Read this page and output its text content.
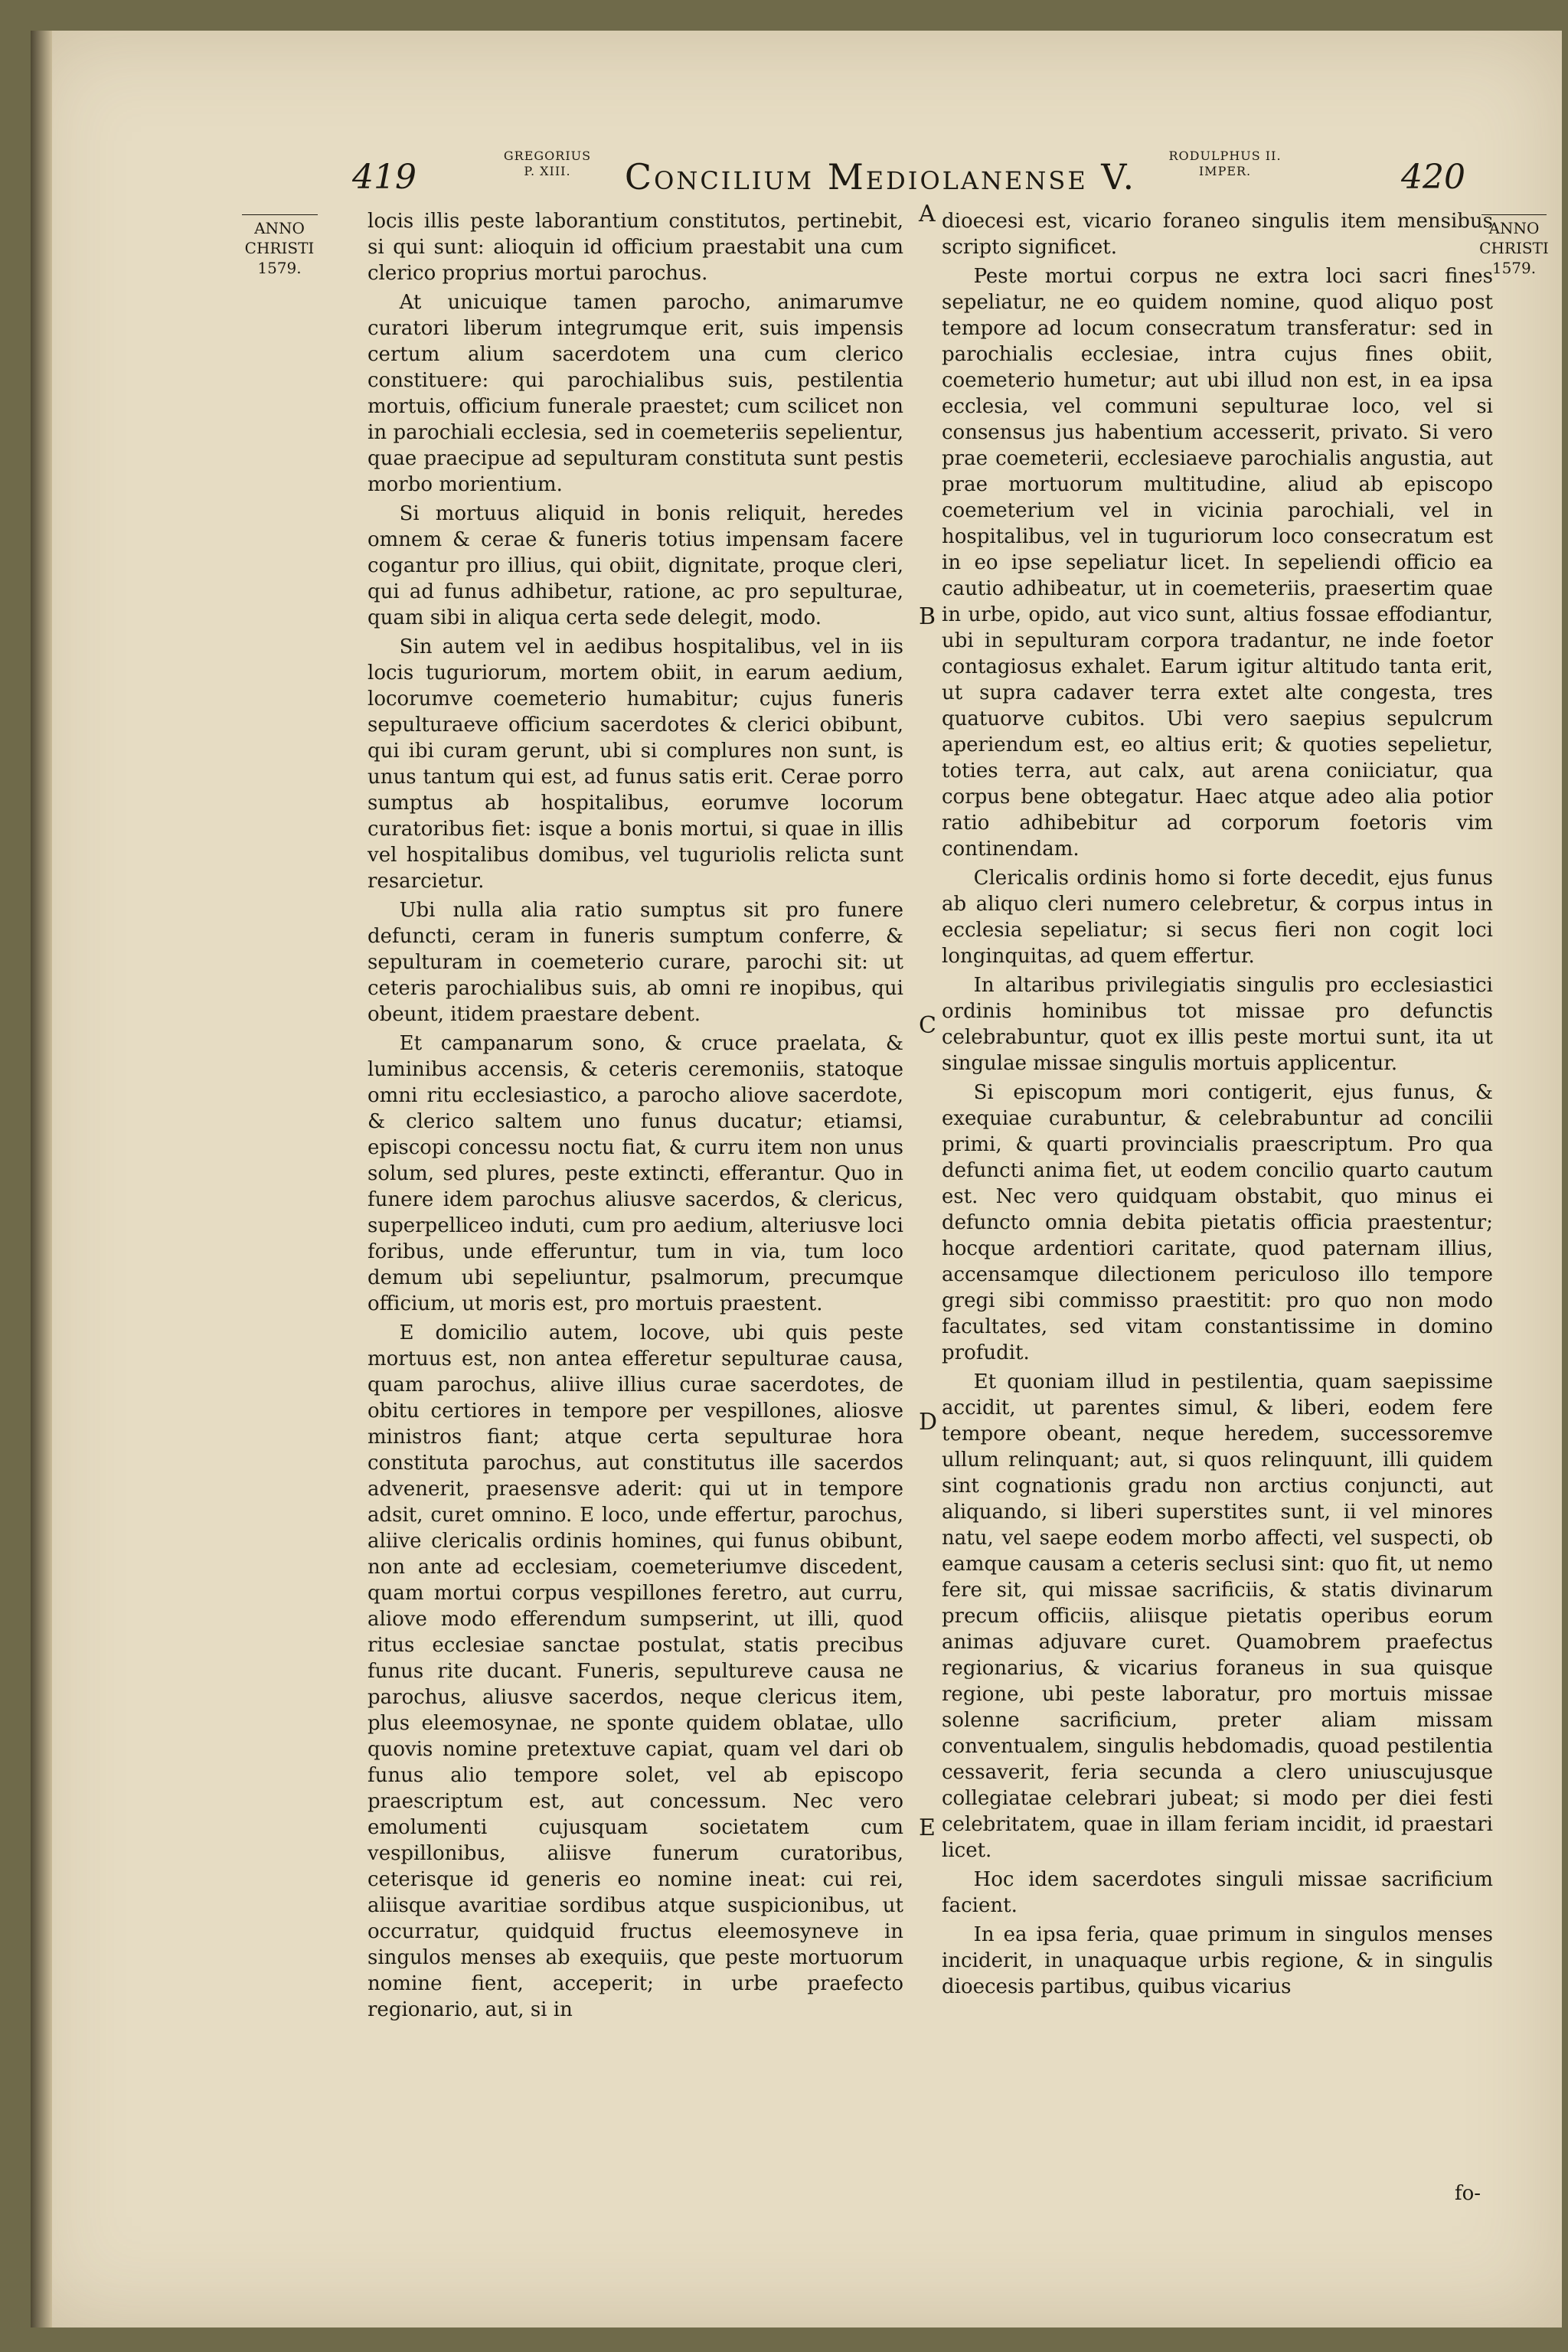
419
GREGORIUS
P. XIII.	Concilium Mediolanense V.
RODULPHUS II.
IMPER.	420
ANNO
CHRISTI
1579.
ANNO
CHRISTI
1579.

locis illis peste laborantium constitutos, pertinebit, si qui sunt: alioquin id officium praestabit una cum clerico proprius mortui parochus.

At unicuique tamen parocho, animarumve curatori liberum integrumque erit, suis impensis certum alium sacerdotem una cum clerico constituere: qui parochialibus suis, pestilentia mortuis, officium funerale praestet; cum scilicet non in parochiali ecclesia, sed in coemeteriis sepelientur, quae praecipue ad sepulturam constituta sunt pestis morbo morientium.

Si mortuus aliquid in bonis reliquit, heredes omnem & cerae & funeris totius impensam facere cogantur pro illius, qui obiit, dignitate, proque cleri, qui ad funus adhibetur, ratione, ac pro sepulturae, quam sibi in aliqua certa sede delegit, modo.

Sin autem vel in aedibus hospitalibus, vel in iis locis tuguriorum, mortem obiit, in earum aedium, locorumve coemeterio humabitur; cujus funeris sepulturaeve officium sacerdotes & clerici obibunt, qui ibi curam gerunt, ubi si complures non sunt, is unus tantum qui est, ad funus satis erit. Cerae porro sumptus ab hospitalibus, eorumve locorum curatoribus fiet: isque a bonis mortui, si quae in illis vel hospitalibus domibus, vel tuguriolis relicta sunt resarcietur.

Ubi nulla alia ratio sumptus sit pro funere defuncti, ceram in funeris sumptum conferre, & sepulturam in coemeterio curare, parochi sit: ut ceteris parochialibus suis, ab omni re inopibus, qui obeunt, itidem praestare debent.

Et campanarum sono, & cruce praelata, & luminibus accensis, & ceteris ceremoniis, statoque omni ritu ecclesiastico, a parocho aliove sacerdote, & clerico saltem uno funus ducatur; etiamsi, episcopi concessu noctu fiat, & curru item non unus solum, sed plures, peste extincti, efferantur. Quo in funere idem parochus aliusve sacerdos, & clericus, superpelliceo induti, cum pro aedium, alteriusve loci foribus, unde efferuntur, tum in via, tum loco demum ubi sepeliuntur, psalmorum, precumque officium, ut moris est, pro mortuis praestent.

E domicilio autem, locove, ubi quis peste mortuus est, non antea efferetur sepulturae causa, quam parochus, aliive illius curae sacerdotes, de obitu certiores in tempore per vespillones, aliosve ministros fiant; atque certa sepulturae hora constituta parochus, aut constitutus ille sacerdos advenerit, praesensve aderit: qui ut in tempore adsit, curet omnino. E loco, unde effertur, parochus, aliive clericalis ordinis homines, qui funus obibunt, non ante ad ecclesiam, coemeteriumve discedent, quam mortui corpus vespillones feretro, aut curru, aliove modo efferendum sumpserint, ut illi, quod ritus ecclesiae sanctae postulat, statis precibus funus rite ducant. Funeris, sepultureve causa ne parochus, aliusve sacerdos, neque clericus item, plus eleemosynae, ne sponte quidem oblatae, ullo quovis nomine pretextuve capiat, quam vel dari ob funus alio tempore solet, vel ab episcopo praescriptum est, aut concessum. Nec vero emolumenti cujusquam societatem cum vespillonibus, aliisve funerum curatoribus, ceterisque id generis eo nomine ineat: cui rei, aliisque avaritiae sordibus atque suspicionibus, ut occurratur, quidquid fructus eleemosyneve in singulos menses ab exequiis, que peste mortuorum nomine fient, acceperit; in urbe praefecto regionario, aut, si in

A
B
C
D
E

dioecesi est, vicario foraneo singulis item mensibus scripto significet.

Peste mortui corpus ne extra loci sacri fines sepeliatur, ne eo quidem nomine, quod aliquo post tempore ad locum consecratum transferatur: sed in parochialis ecclesiae, intra cujus fines obiit, coemeterio humetur; aut ubi illud non est, in ea ipsa ecclesia, vel communi sepulturae loco, vel si consensus jus habentium accesserit, privato. Si vero prae coemeterii, ecclesiaeve parochialis angustia, aut prae mortuorum multitudine, aliud ab episcopo coemeterium vel in vicinia parochiali, vel in hospitalibus, vel in tuguriorum loco consecratum est in eo ipse sepeliatur licet. In sepeliendi officio ea cautio adhibeatur, ut in coemeteriis, praesertim quae in urbe, opido, aut vico sunt, altius fossae effodiantur, ubi in sepulturam corpora tradantur, ne inde foetor contagiosus exhalet. Earum igitur altitudo tanta erit, ut supra cadaver terra extet alte congesta, tres quatuorve cubitos. Ubi vero saepius sepulcrum aperiendum est, eo altius erit; & quoties sepelietur, toties terra, aut calx, aut arena coniiciatur, qua corpus bene obtegatur. Haec atque adeo alia potior ratio adhibebitur ad corporum foetoris vim continendam.

Clericalis ordinis homo si forte decedit, ejus funus ab aliquo cleri numero celebretur, & corpus intus in ecclesia sepeliatur; si secus fieri non cogit loci longinquitas, ad quem effertur.

In altaribus privilegiatis singulis pro ecclesiastici ordinis hominibus tot missae pro defunctis celebrabuntur, quot ex illis peste mortui sunt, ita ut singulae missae singulis mortuis applicentur.

Si episcopum mori contigerit, ejus funus, & exequiae curabuntur, & celebrabuntur ad concilii primi, & quarti provincialis praescriptum. Pro qua defuncti anima fiet, ut eodem concilio quarto cautum est. Nec vero quidquam obstabit, quo minus ei defuncto omnia debita pietatis officia praestentur; hocque ardentiori caritate, quod paternam illius, accensamque dilectionem periculoso illo tempore gregi sibi commisso praestitit: pro quo non modo facultates, sed vitam constantissime in domino profudit.

Et quoniam illud in pestilentia, quam saepissime accidit, ut parentes simul, & liberi, eodem fere tempore obeant, neque heredem, successoremve ullum relinquant; aut, si quos relinquunt, illi quidem sint cognationis gradu non arctius conjuncti, aut aliquando, si liberi superstites sunt, ii vel minores natu, vel saepe eodem morbo affecti, vel suspecti, ob eamque causam a ceteris seclusi sint: quo fit, ut nemo fere sit, qui missae sacrificiis, & statis divinarum precum officiis, aliisque pietatis operibus eorum animas adjuvare curet. Quamobrem praefectus regionarius, & vicarius foraneus in sua quisque regione, ubi peste laboratur, pro mortuis missae solenne sacrificium, preter aliam missam conventualem, singulis hebdomadis, quoad pestilentia cessaverit, feria secunda a clero uniuscujusque collegiatae celebrari jubeat; si modo per diei festi celebritatem, quae in illam feriam incidit, id praestari licet.

Hoc idem sacerdotes singuli missae sacrificium facient.

In ea ipsa feria, quae primum in singulos menses inciderit, in unaquaque urbis regione, & in singulis dioecesis partibus, quibus vicarius

fo-
